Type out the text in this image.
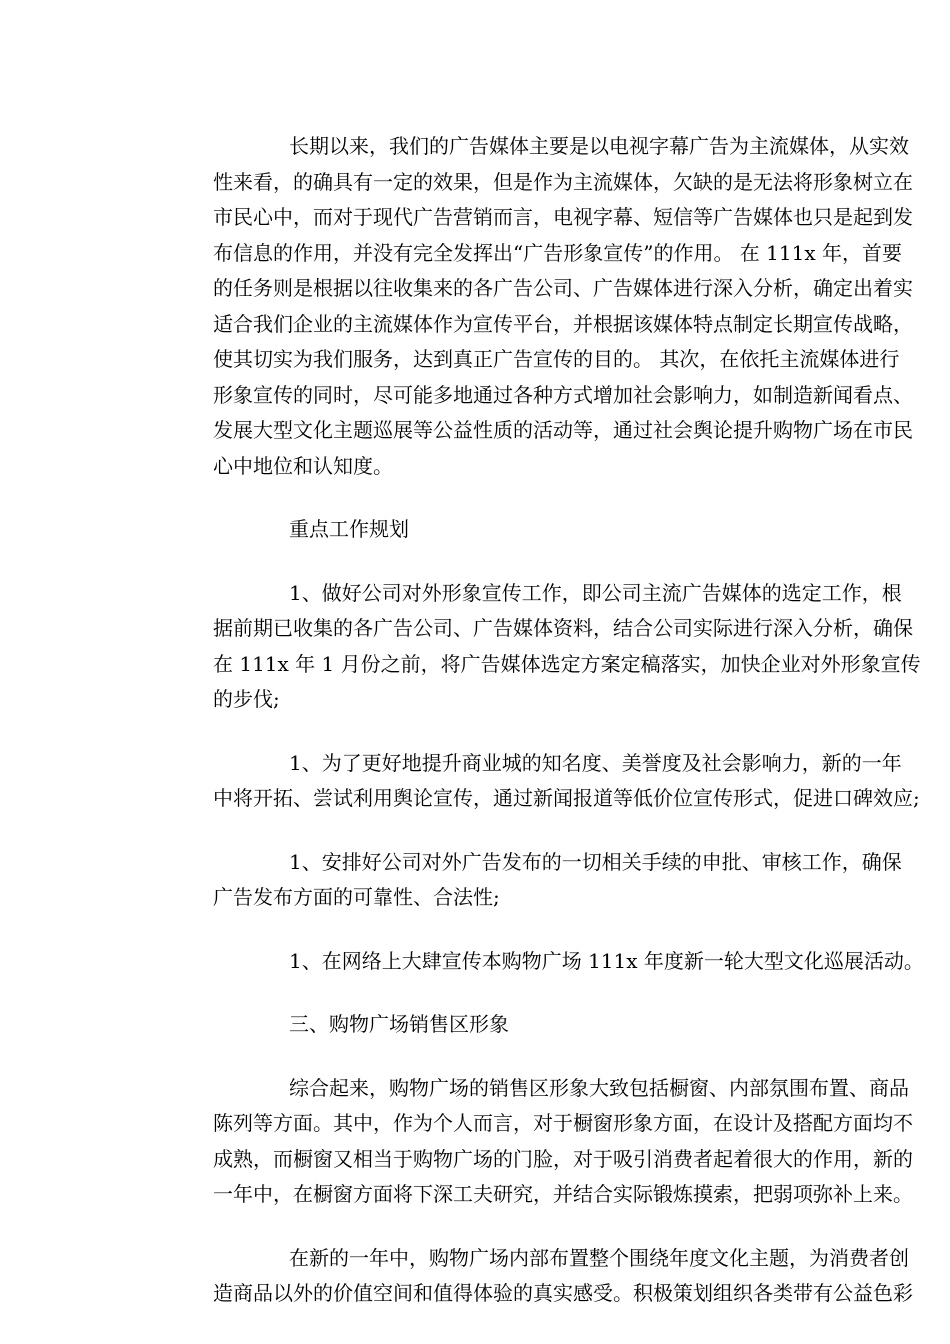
长期以来，我们的广告媒体主要是以电视字幕广告为主流媒体，从实效
性来看，的确具有一定的效果，但是作为主流媒体，欠缺的是无法将形象树立在
市民心中，而对于现代广告营销而言，电视字幕、短信等广告媒体也只是起到发
布信息的作用，并没有完全发挥出“广告形象宣传”的作用。 在 111x 年，首要
的任务则是根据以往收集来的各广告公司、广告媒体进行深入分析，确定出着实
适合我们企业的主流媒体作为宣传平台，并根据该媒体特点制定长期宣传战略，
使其切实为我们服务，达到真正广告宣传的目的。 其次，在依托主流媒体进行
形象宣传的同时，尽可能多地通过各种方式增加社会影响力，如制造新闻看点、
发展大型文化主题巡展等公益性质的活动等，通过社会舆论提升购物广场在市民
心中地位和认知度。
重点工作规划
1、做好公司对外形象宣传工作，即公司主流广告媒体的选定工作，根
据前期已收集的各广告公司、广告媒体资料，结合公司实际进行深入分析，确保
在 111x 年 1 月份之前，将广告媒体选定方案定稿落实，加快企业对外形象宣传
的步伐;
1、为了更好地提升商业城的知名度、美誉度及社会影响力，新的一年
中将开拓、尝试利用舆论宣传，通过新闻报道等低价位宣传形式，促进口碑效应;
1、安排好公司对外广告发布的一切相关手续的申批、审核工作，确保
广告发布方面的可靠性、合法性;
1、在网络上大肆宣传本购物广场 111x 年度新一轮大型文化巡展活动。
三、购物广场销售区形象
综合起来，购物广场的销售区形象大致包括橱窗、内部氛围布置、商品
陈列等方面。其中，作为个人而言，对于橱窗形象方面，在设计及搭配方面均不
成熟，而橱窗又相当于购物广场的门脸，对于吸引消费者起着很大的作用，新的
一年中，在橱窗方面将下深工夫研究，并结合实际锻炼摸索，把弱项弥补上来。
在新的一年中，购物广场内部布置整个围绕年度文化主题，为消费者创
造商品以外的价值空间和值得体验的真实感受。积极策划组织各类带有公益色彩
